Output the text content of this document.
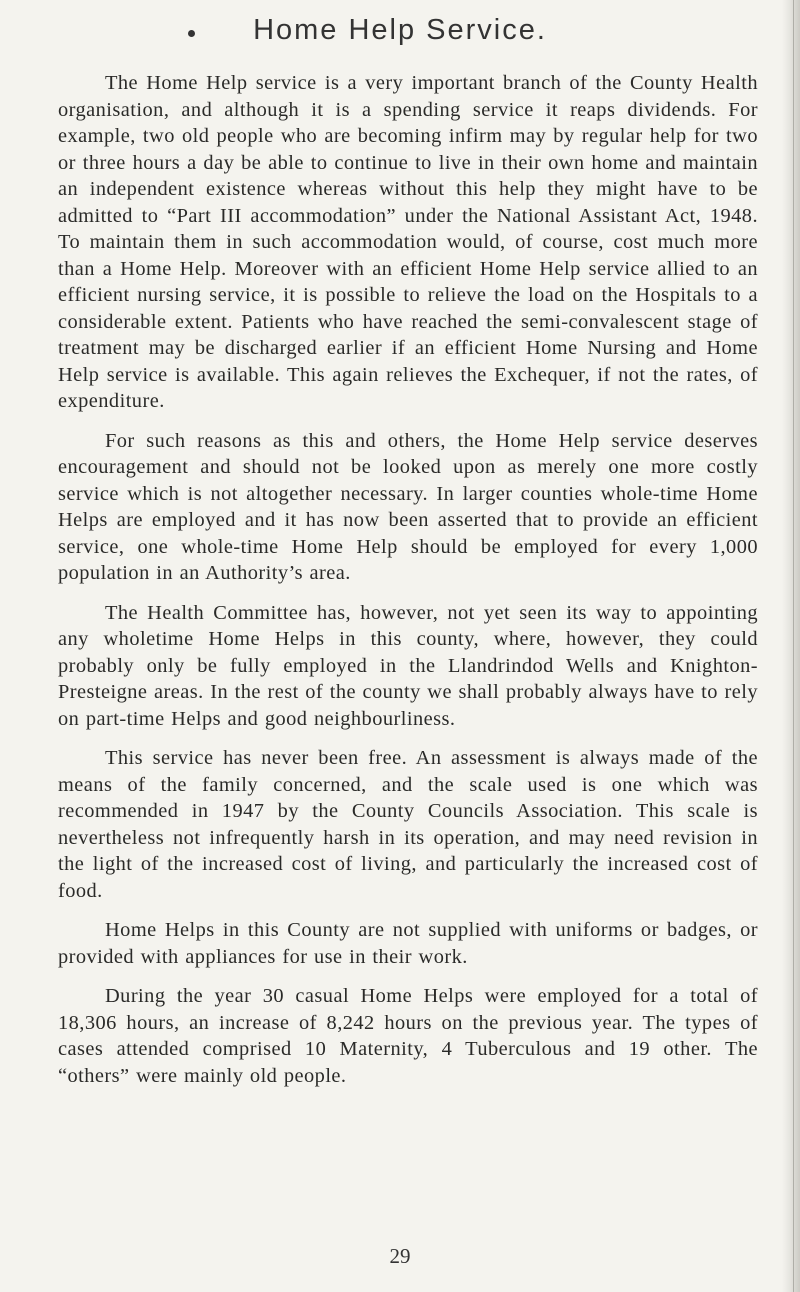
Home Help Service.

The Home Help service is a very important branch of the County Health organisation, and although it is a spending service it reaps dividends. For example, two old people who are becoming infirm may by regular help for two or three hours a day be able to continue to live in their own home and maintain an independent existence whereas without this help they might have to be admitted to “Part III accommodation” under the National Assistant Act, 1948. To maintain them in such accommodation would, of course, cost much more than a Home Help. Moreover with an efficient Home Help service allied to an efficient nursing service, it is possible to relieve the load on the Hospitals to a considerable extent. Patients who have reached the semi-convalescent stage of treatment may be discharged earlier if an efficient Home Nursing and Home Help service is available. This again relieves the Exchequer, if not the rates, of expenditure.

For such reasons as this and others, the Home Help service deserves encouragement and should not be looked upon as merely one more costly service which is not altogether necessary. In larger counties whole-time Home Helps are employed and it has now been asserted that to provide an efficient service, one whole-time Home Help should be employed for every 1,000 population in an Authority’s area.

The Health Committee has, however, not yet seen its way to appointing any wholetime Home Helps in this county, where, however, they could probably only be fully employed in the Llandrindod Wells and Knighton-Presteigne areas. In the rest of the county we shall probably always have to rely on part-time Helps and good neighbourliness.

This service has never been free. An assessment is always made of the means of the family concerned, and the scale used is one which was recommended in 1947 by the County Councils Association. This scale is nevertheless not infrequently harsh in its operation, and may need revision in the light of the increased cost of living, and particularly the increased cost of food.

Home Helps in this County are not supplied with uniforms or badges, or provided with appliances for use in their work.

During the year 30 casual Home Helps were employed for a total of 18,306 hours, an increase of 8,242 hours on the previous year. The types of cases attended comprised 10 Maternity, 4 Tuberculous and 19 other. The “others” were mainly old people.

29
